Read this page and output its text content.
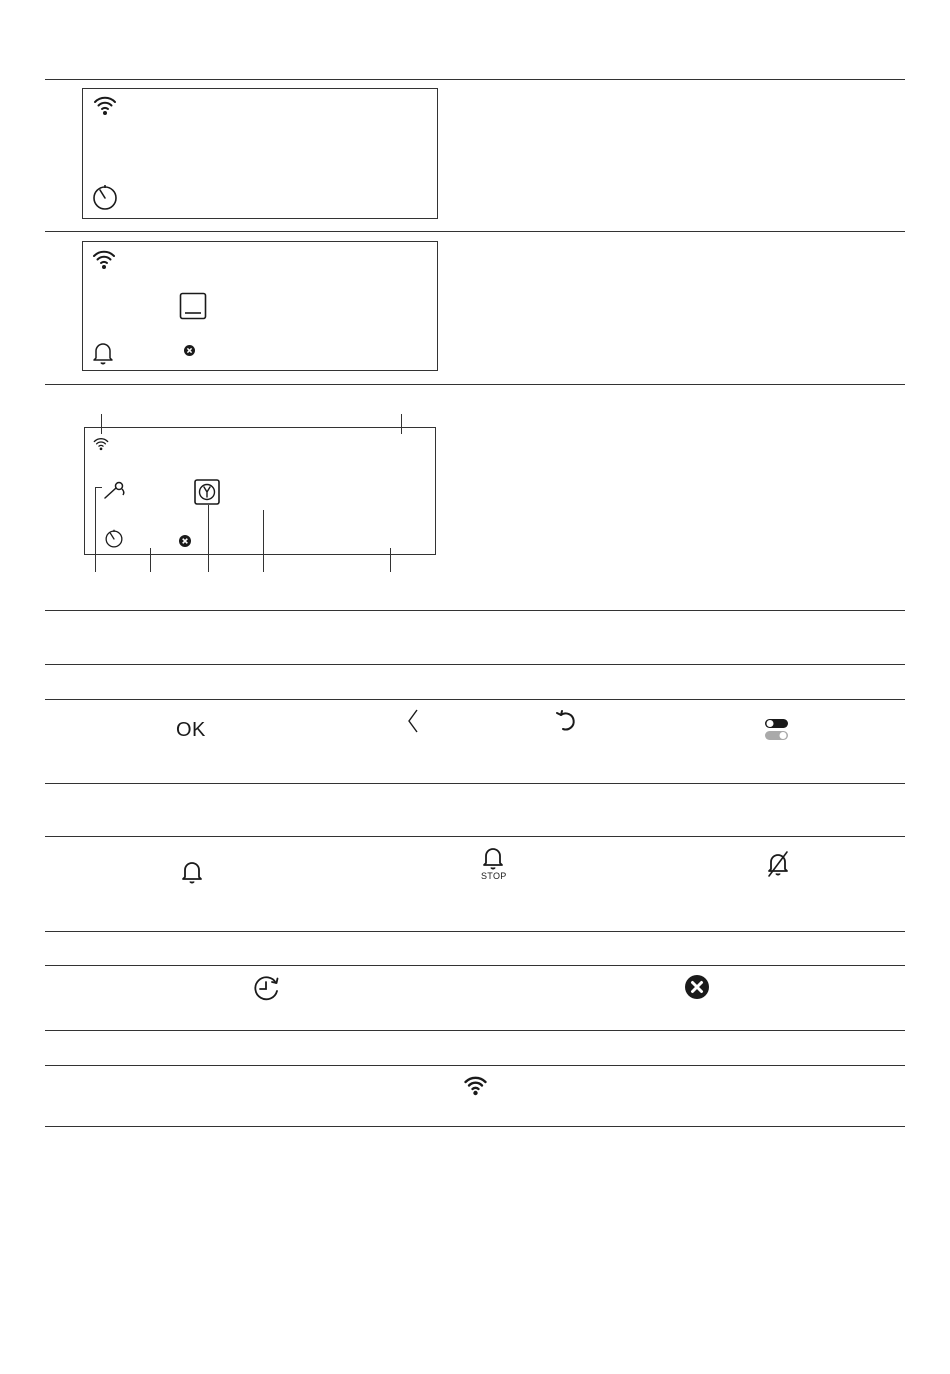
OK
STOP
